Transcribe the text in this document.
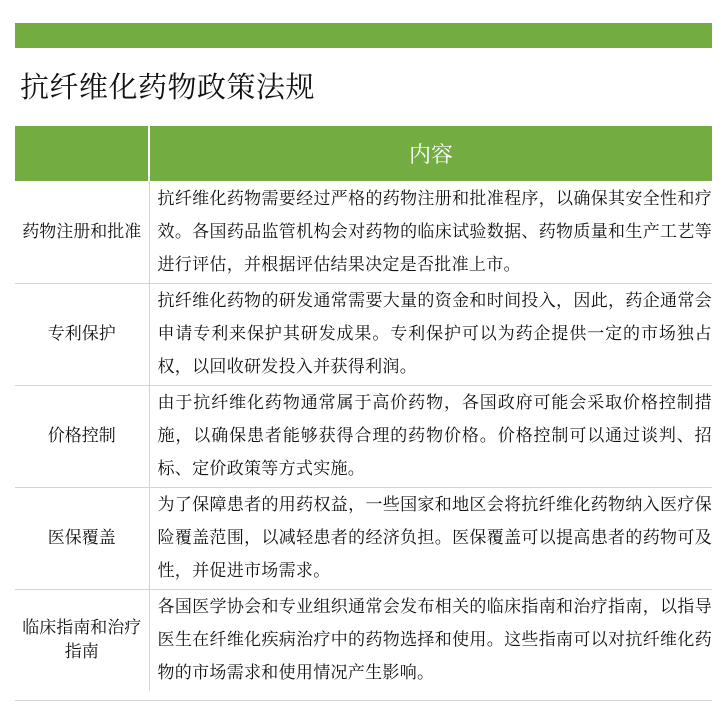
抗纤维化药物政策法规
	内容
药物注册和批准	抗纤维化药物需要经过严格的药物注册和批准程序，以确保其安全性和疗效。各国药品监管机构会对药物的临床试验数据、药物质量和生产工艺等进行评估，并根据评估结果决定是否批准上市。
专利保护	抗纤维化药物的研发通常需要大量的资金和时间投入，因此，药企通常会申请专利来保护其研发成果。专利保护可以为药企提供一定的市场独占权，以回收研发投入并获得利润。
价格控制	由于抗纤维化药物通常属于高价药物，各国政府可能会采取价格控制措施，以确保患者能够获得合理的药物价格。价格控制可以通过谈判、招标、定价政策等方式实施。
医保覆盖	为了保障患者的用药权益，一些国家和地区会将抗纤维化药物纳入医疗保险覆盖范围，以减轻患者的经济负担。医保覆盖可以提高患者的药物可及性，并促进市场需求。
临床指南和治疗指南	各国医学协会和专业组织通常会发布相关的临床指南和治疗指南，以指导医生在纤维化疾病治疗中的药物选择和使用。这些指南可以对抗纤维化药物的市场需求和使用情况产生影响。
